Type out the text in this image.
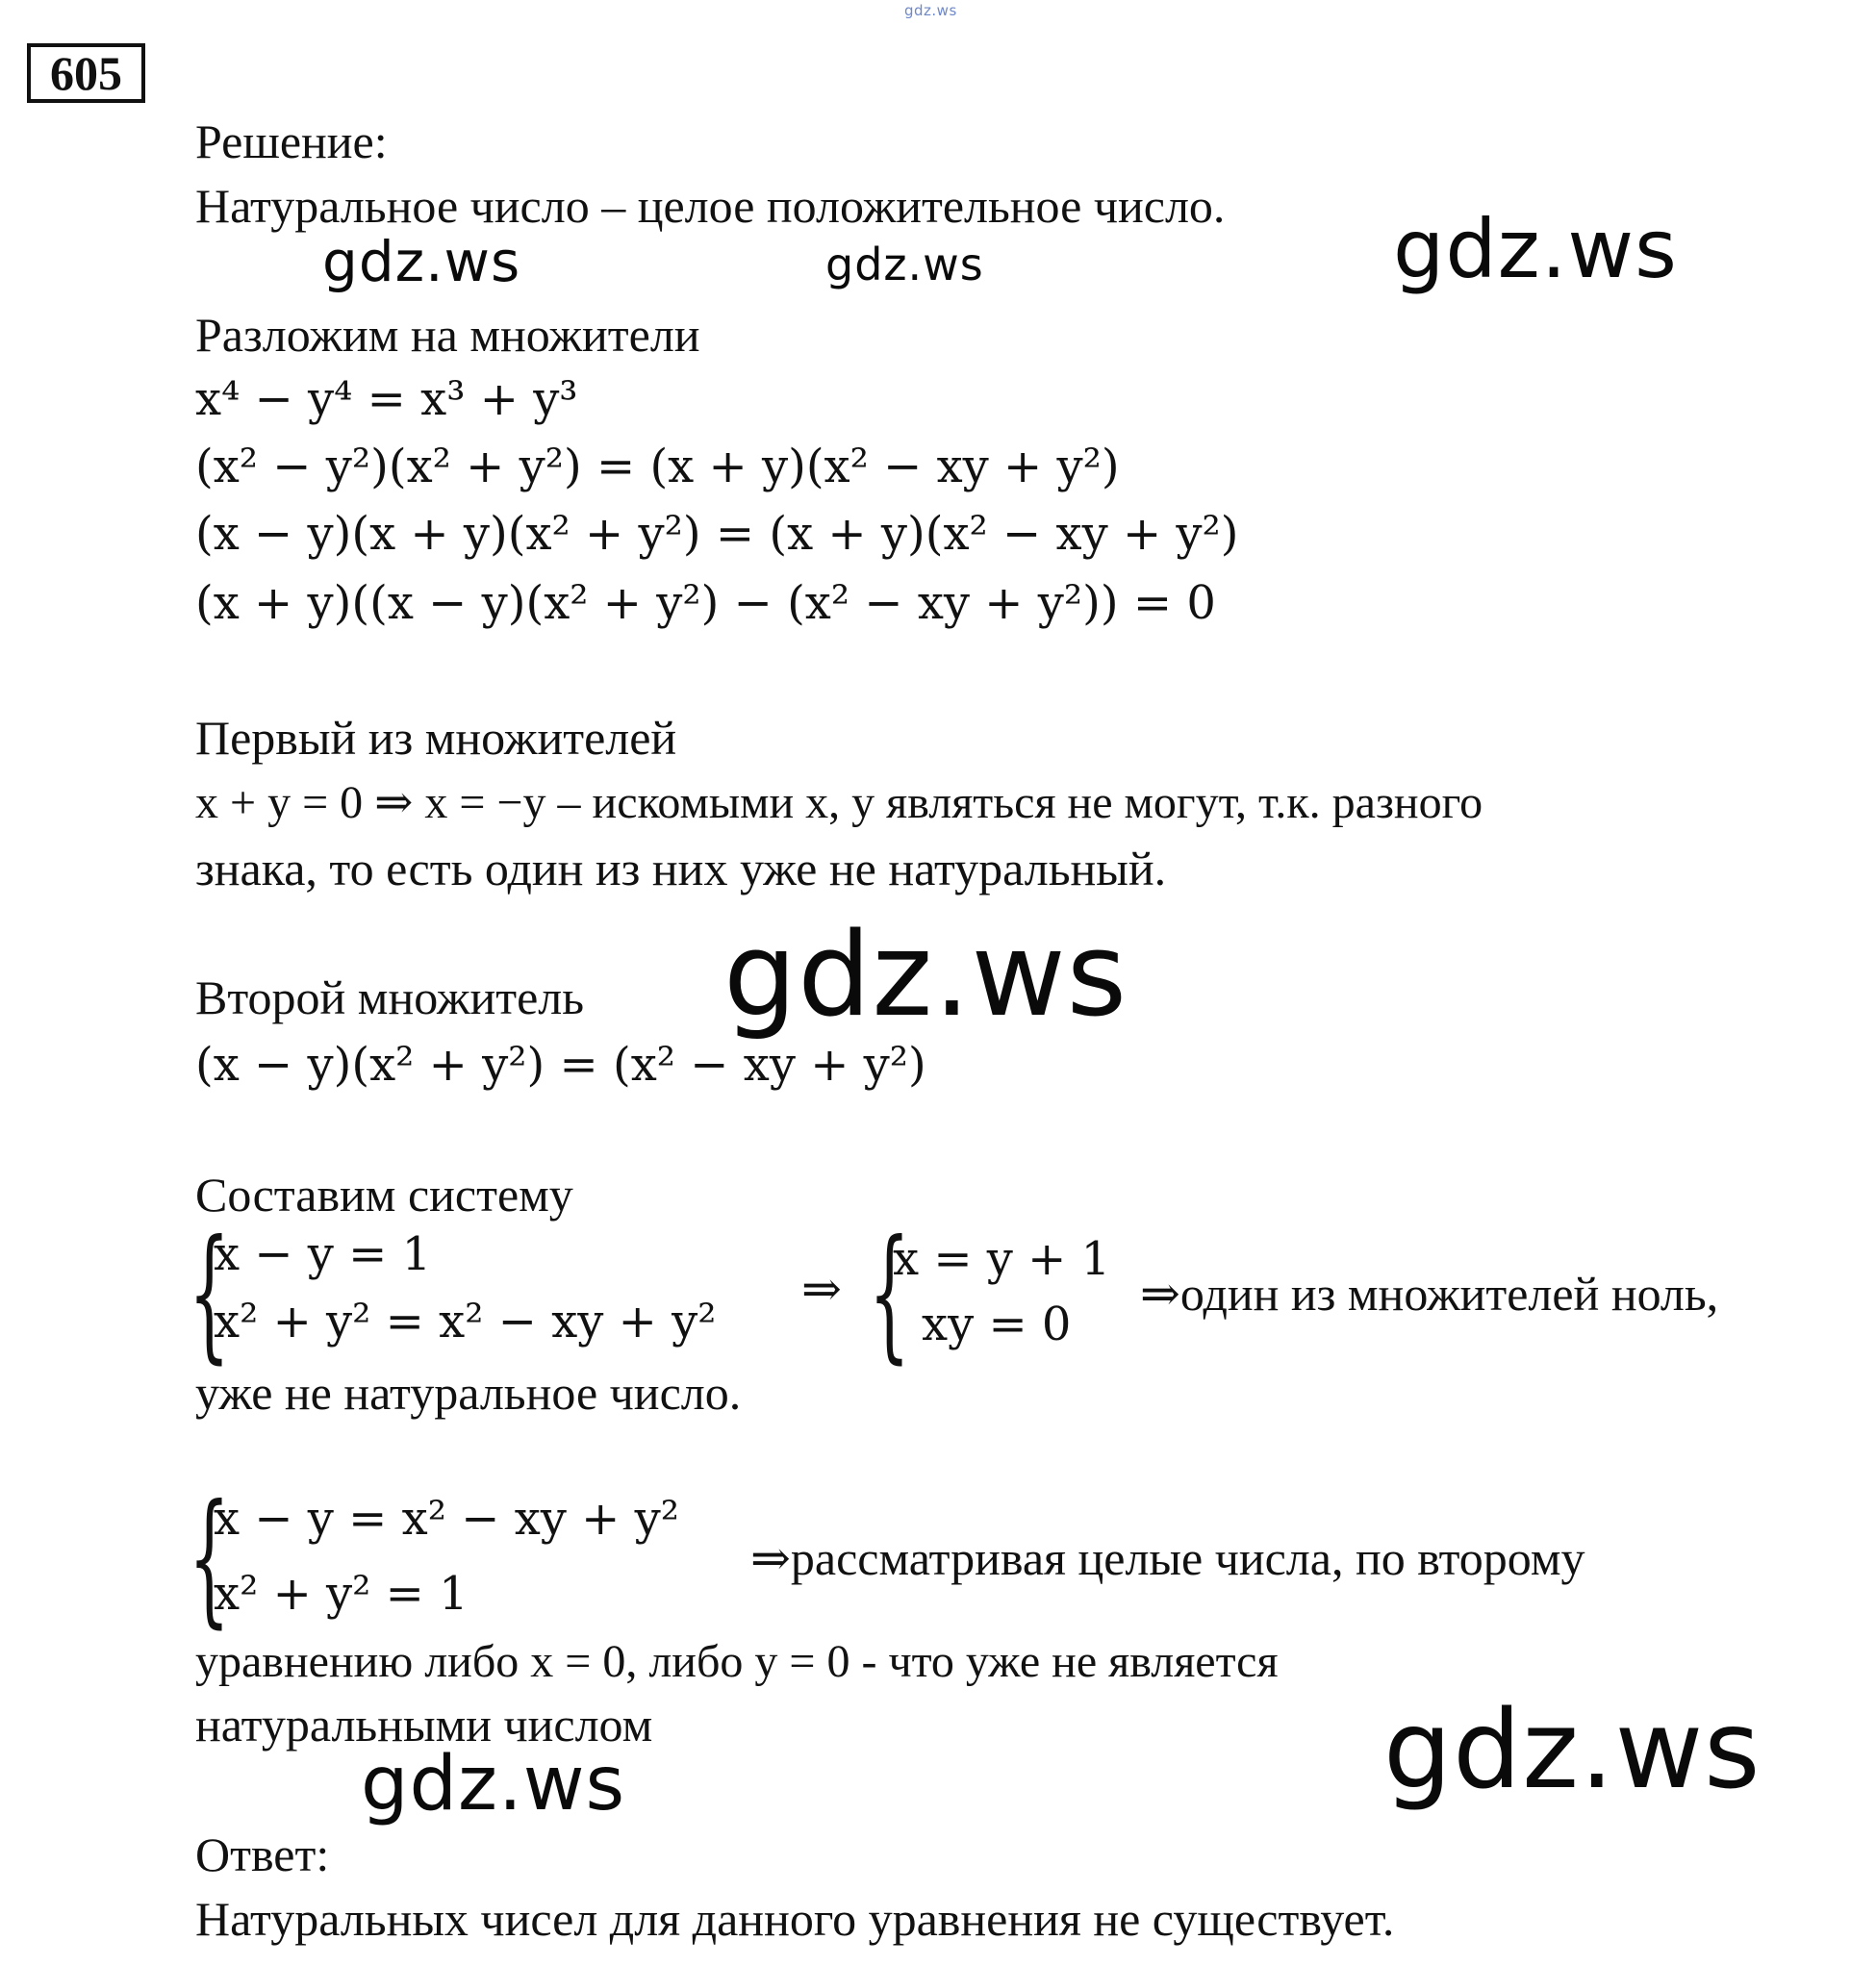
gdz.ws
605
Решение:
Натуральное число – целое положительное число.
Разложим на множители
x⁴ − y⁴ = x³ + y³
(x² − y²)(x² + y²) = (x + y)(x² − xy + y²)
(x − y)(x + y)(x² + y²) = (x + y)(x² − xy + y²)
(x + y)((x − y)(x² + y²) − (x² − xy + y²)) = 0
Первый из множителей
x + y = 0 ⇒ x = −y – искомыми x, y являться не могут, т.к. разного
знака, то есть один из них уже не натуральный.
Второй множитель
(x − y)(x² + y²) = (x² − xy + y²)
Составим систему
{
x − y = 1
x² + y² = x² − xy + y²
⇒ {
x = y + 1
xy = 0
⇒один из множителей ноль,
уже не натуральное число.
{
x − y = x² − xy + y²
x² + y² = 1
⇒рассматривая целые числа, по второму
уравнению либо x = 0, либо y = 0 - что уже не является
натуральными числом
Ответ:
Натуральных чисел для данного уравнения не существует.
gdz.ws	gdz.ws	gdz.ws
gdz.ws
gdz.ws	gdz.ws
